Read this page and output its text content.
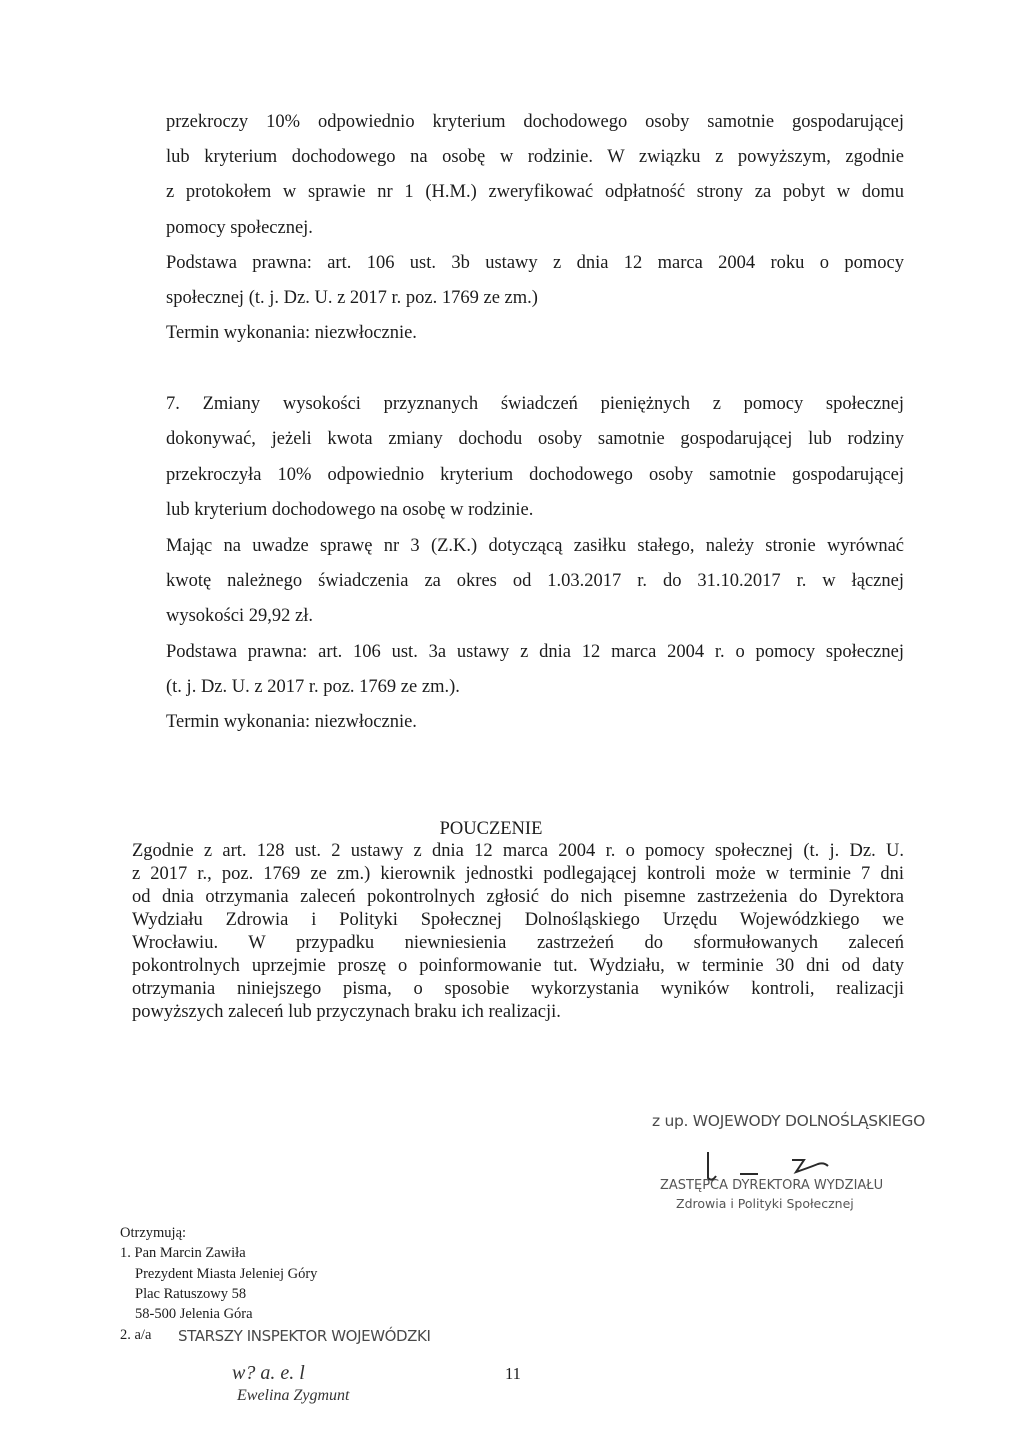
przekroczy 10% odpowiednio kryterium dochodowego osoby samotnie gospodarującej
lub kryterium dochodowego na osobę w rodzinie. W związku z powyższym, zgodnie
z protokołem w sprawie nr 1 (H.M.) zweryfikować odpłatność strony za pobyt w domu
pomocy społecznej.
Podstawa prawna: art. 106 ust. 3b ustawy z dnia 12 marca 2004 roku o pomocy
społecznej (t. j. Dz. U. z 2017 r. poz. 1769 ze zm.)
Termin wykonania: niezwłocznie.
7. Zmiany wysokości przyznanych świadczeń pieniężnych z pomocy społecznej
dokonywać, jeżeli kwota zmiany dochodu osoby samotnie gospodarującej lub rodziny
przekroczyła 10% odpowiednio kryterium dochodowego osoby samotnie gospodarującej
lub kryterium dochodowego na osobę w rodzinie.
Mając na uwadze sprawę nr 3 (Z.K.) dotyczącą zasiłku stałego, należy stronie wyrównać
kwotę należnego świadczenia za okres od 1.03.2017 r. do 31.10.2017 r. w łącznej
wysokości 29,92 zł.
Podstawa prawna: art. 106 ust. 3a ustawy z dnia 12 marca 2004 r. o pomocy społecznej
(t. j. Dz. U. z 2017 r. poz. 1769 ze zm.).
Termin wykonania: niezwłocznie.
POUCZENIE
Zgodnie z art. 128 ust. 2 ustawy z dnia 12 marca 2004 r. o pomocy społecznej (t. j. Dz. U.
z 2017 r., poz. 1769 ze zm.) kierownik jednostki podlegającej kontroli może w terminie 7 dni
od dnia otrzymania zaleceń pokontrolnych zgłosić do nich pisemne zastrzeżenia do Dyrektora
Wydziału Zdrowia i Polityki Społecznej Dolnośląskiego Urzędu Wojewódzkiego we
Wrocławiu. W przypadku niewniesienia zastrzeżeń do sformułowanych zaleceń
pokontrolnych uprzejmie proszę o poinformowanie tut. Wydziału, w terminie 30 dni od daty
otrzymania niniejszego pisma, o sposobie wykorzystania wyników kontroli, realizacji
powyższych zaleceń lub przyczynach braku ich realizacji.
z up. WOJEWODY DOLNOŚLĄSKIEGO
ZASTĘPCA DYREKTORA WYDZIAŁU
Zdrowia i Polityki Społecznej
Otrzymują:
1. Pan Marcin Zawiła
Prezydent Miasta Jeleniej Góry
Plac Ratuszowy 58
58-500 Jelenia Góra
2. a/a STARSZY INSPEKTOR WOJEWÓDZKI
w? a. e. l
Ewelina Zygmunt
11
